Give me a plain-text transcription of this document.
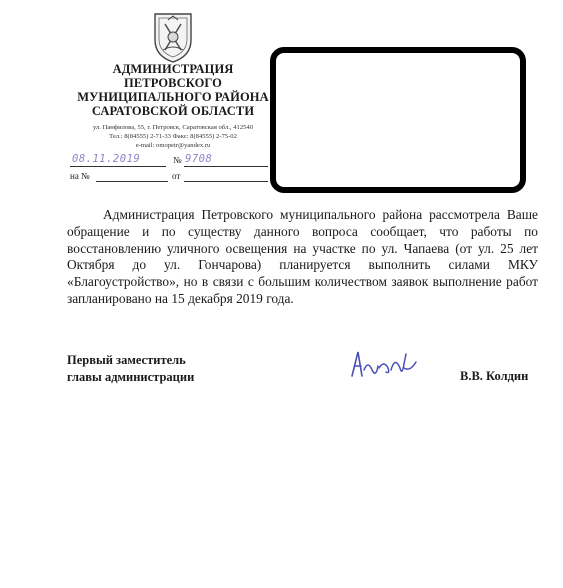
АДМИНИСТРАЦИЯ
ПЕТРОВСКОГО
МУНИЦИПАЛЬНОГО РАЙОНА
САРАТОВСКОЙ ОБЛАСТИ
ул. Панфилова, 55, г. Петровск, Саратовская обл., 412540
Тел.: 8(84555) 2-71-33 Факс: 8(84555) 2-75-02
e-mail: omopetr@yandex.ru
08.11.2019	№ 9708
на №	от

Администрация Петровского муниципального района рассмотрела Ваше обращение и по существу данного вопроса сообщает, что работы по восстановлению уличного освещения на участке по ул. Чапаева (от ул. 25 лет Октября до ул. Гончарова) планируется выполнить силами МКУ «Благоустройство», но в связи с большим количеством заявок выполнение работ запланировано на 15 декабря 2019 года.

Первый заместитель
главы администрации	В.В. Колдин
